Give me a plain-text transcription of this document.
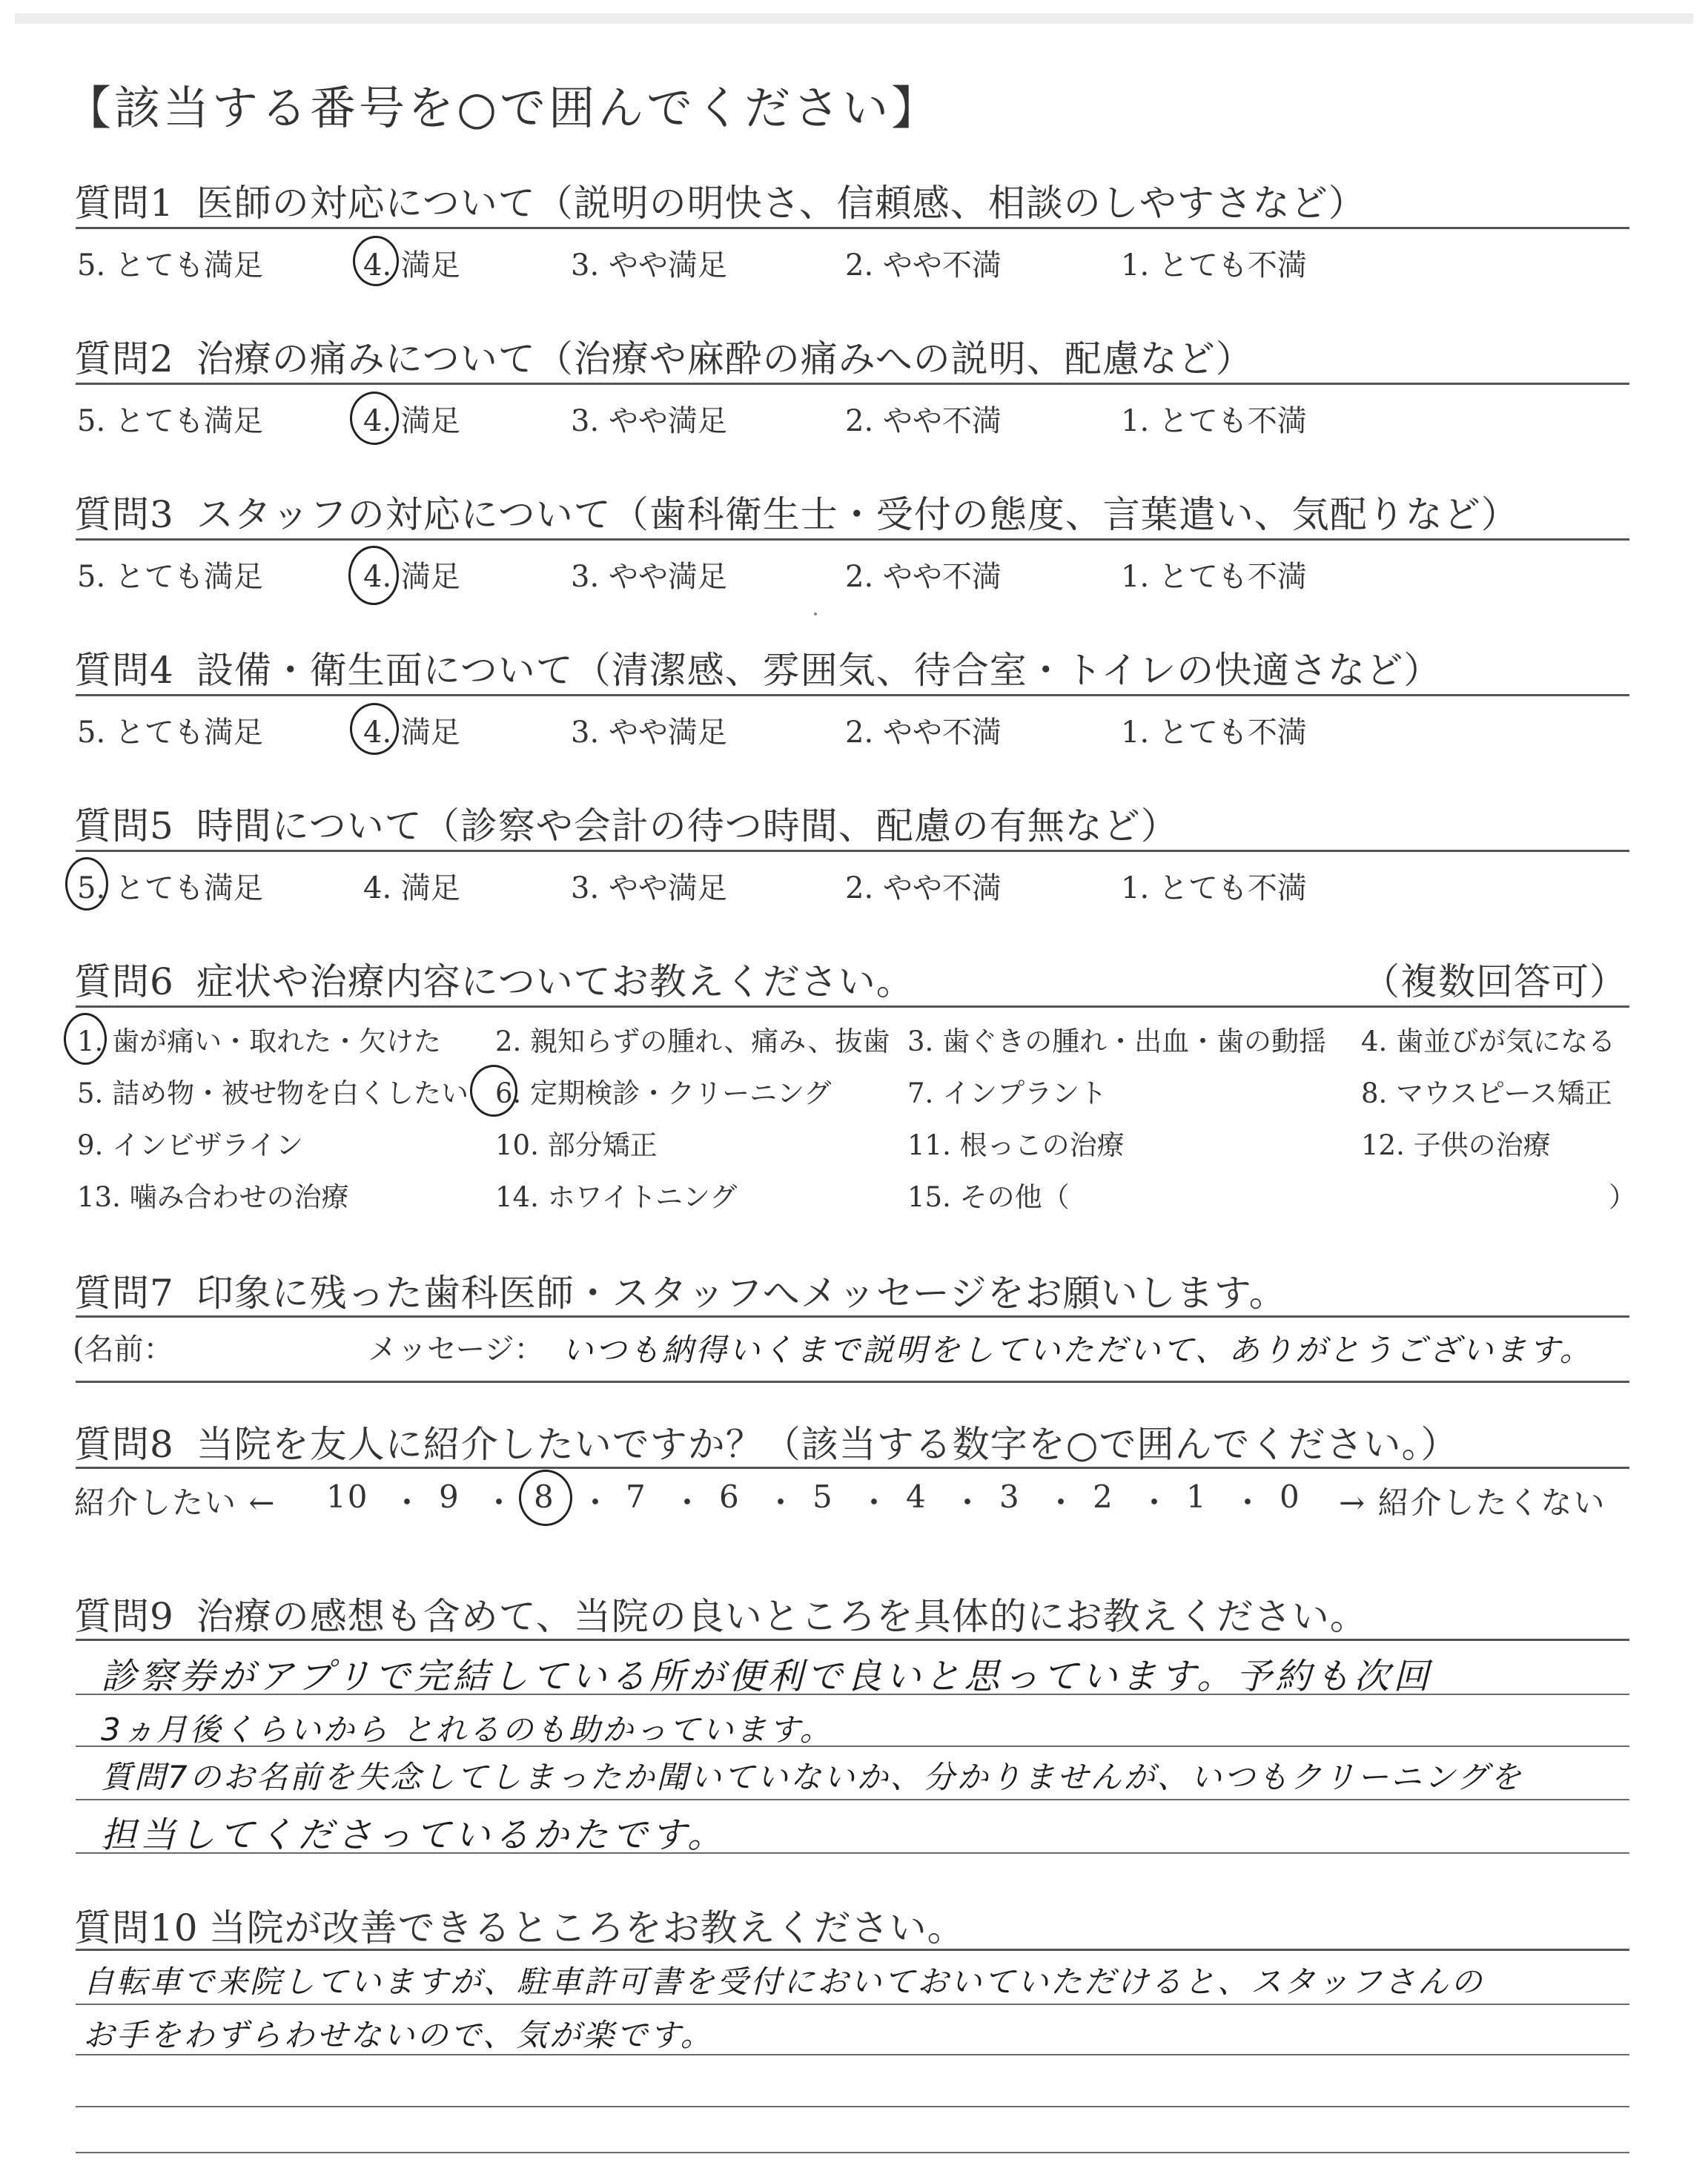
【該当する番号を○で囲んでください】
質問1 医師の対応について（説明の明快さ、信頼感、相談のしやすさなど）
5. とても満足	4. 満足	3. やや満足	2. やや不満	1. とても不満
質問2 治療の痛みについて（治療や麻酔の痛みへの説明、配慮など）
5. とても満足	4. 満足	3. やや満足	2. やや不満	1. とても不満
質問3 スタッフの対応について（歯科衛生士・受付の態度、言葉遣い、気配りなど）
5. とても満足	4. 満足	3. やや満足	2. やや不満	1. とても不満
質問4 設備・衛生面について（清潔感、雰囲気、待合室・トイレの快適さなど）
5. とても満足	4. 満足	3. やや満足	2. やや不満	1. とても不満
質問5 時間について（診察や会計の待つ時間、配慮の有無など）
5. とても満足	4. 満足	3. やや満足	2. やや不満	1. とても不満
質問6 症状や治療内容についてお教えください。	（複数回答可）
1. 歯が痛い・取れた・欠けた 2. 親知らずの腫れ、痛み、抜歯 3. 歯ぐきの腫れ・出血・歯の動揺 4. 歯並びが気になる
5. 詰め物・被せ物を白くしたい 6. 定期検診・クリーニング	7. インプラント	8. マウスピース矯正
9. インビザライン	10. 部分矯正	11. 根っこの治療	12. 子供の治療
13. 噛み合わせの治療	14. ホワイトニング	15. その他（	）
質問7 印象に残った歯科医師・スタッフへメッセージをお願いします。
(名前：	メッセージ： いつも納得いくまで説明をしていただいて、ありがとうございます。
質問8 当院を友人に紹介したいですか？（該当する数字を○で囲んでください。）
紹介したい ← 10 ・ 9 ・ 8 ・ 7 ・ 6 ・ 5 ・ 4 ・ 3 ・ 2 ・ 1 ・ 0 → 紹介したくない
質問9 治療の感想も含めて、当院の良いところを具体的にお教えください。
診察券がアプリで完結している所が便利で良いと思っています。予約も次回
3ヵ月後くらいから とれるのも助かっています。
質問7のお名前を失念してしまったか聞いていないか、分かりませんが、いつもクリーニングを
担当してくださっているかたです。
質問10 当院が改善できるところをお教えください。
自転車で来院していますが、駐車許可書を受付においておいていただけると、スタッフさんの
お手をわずらわせないので、気が楽です。
